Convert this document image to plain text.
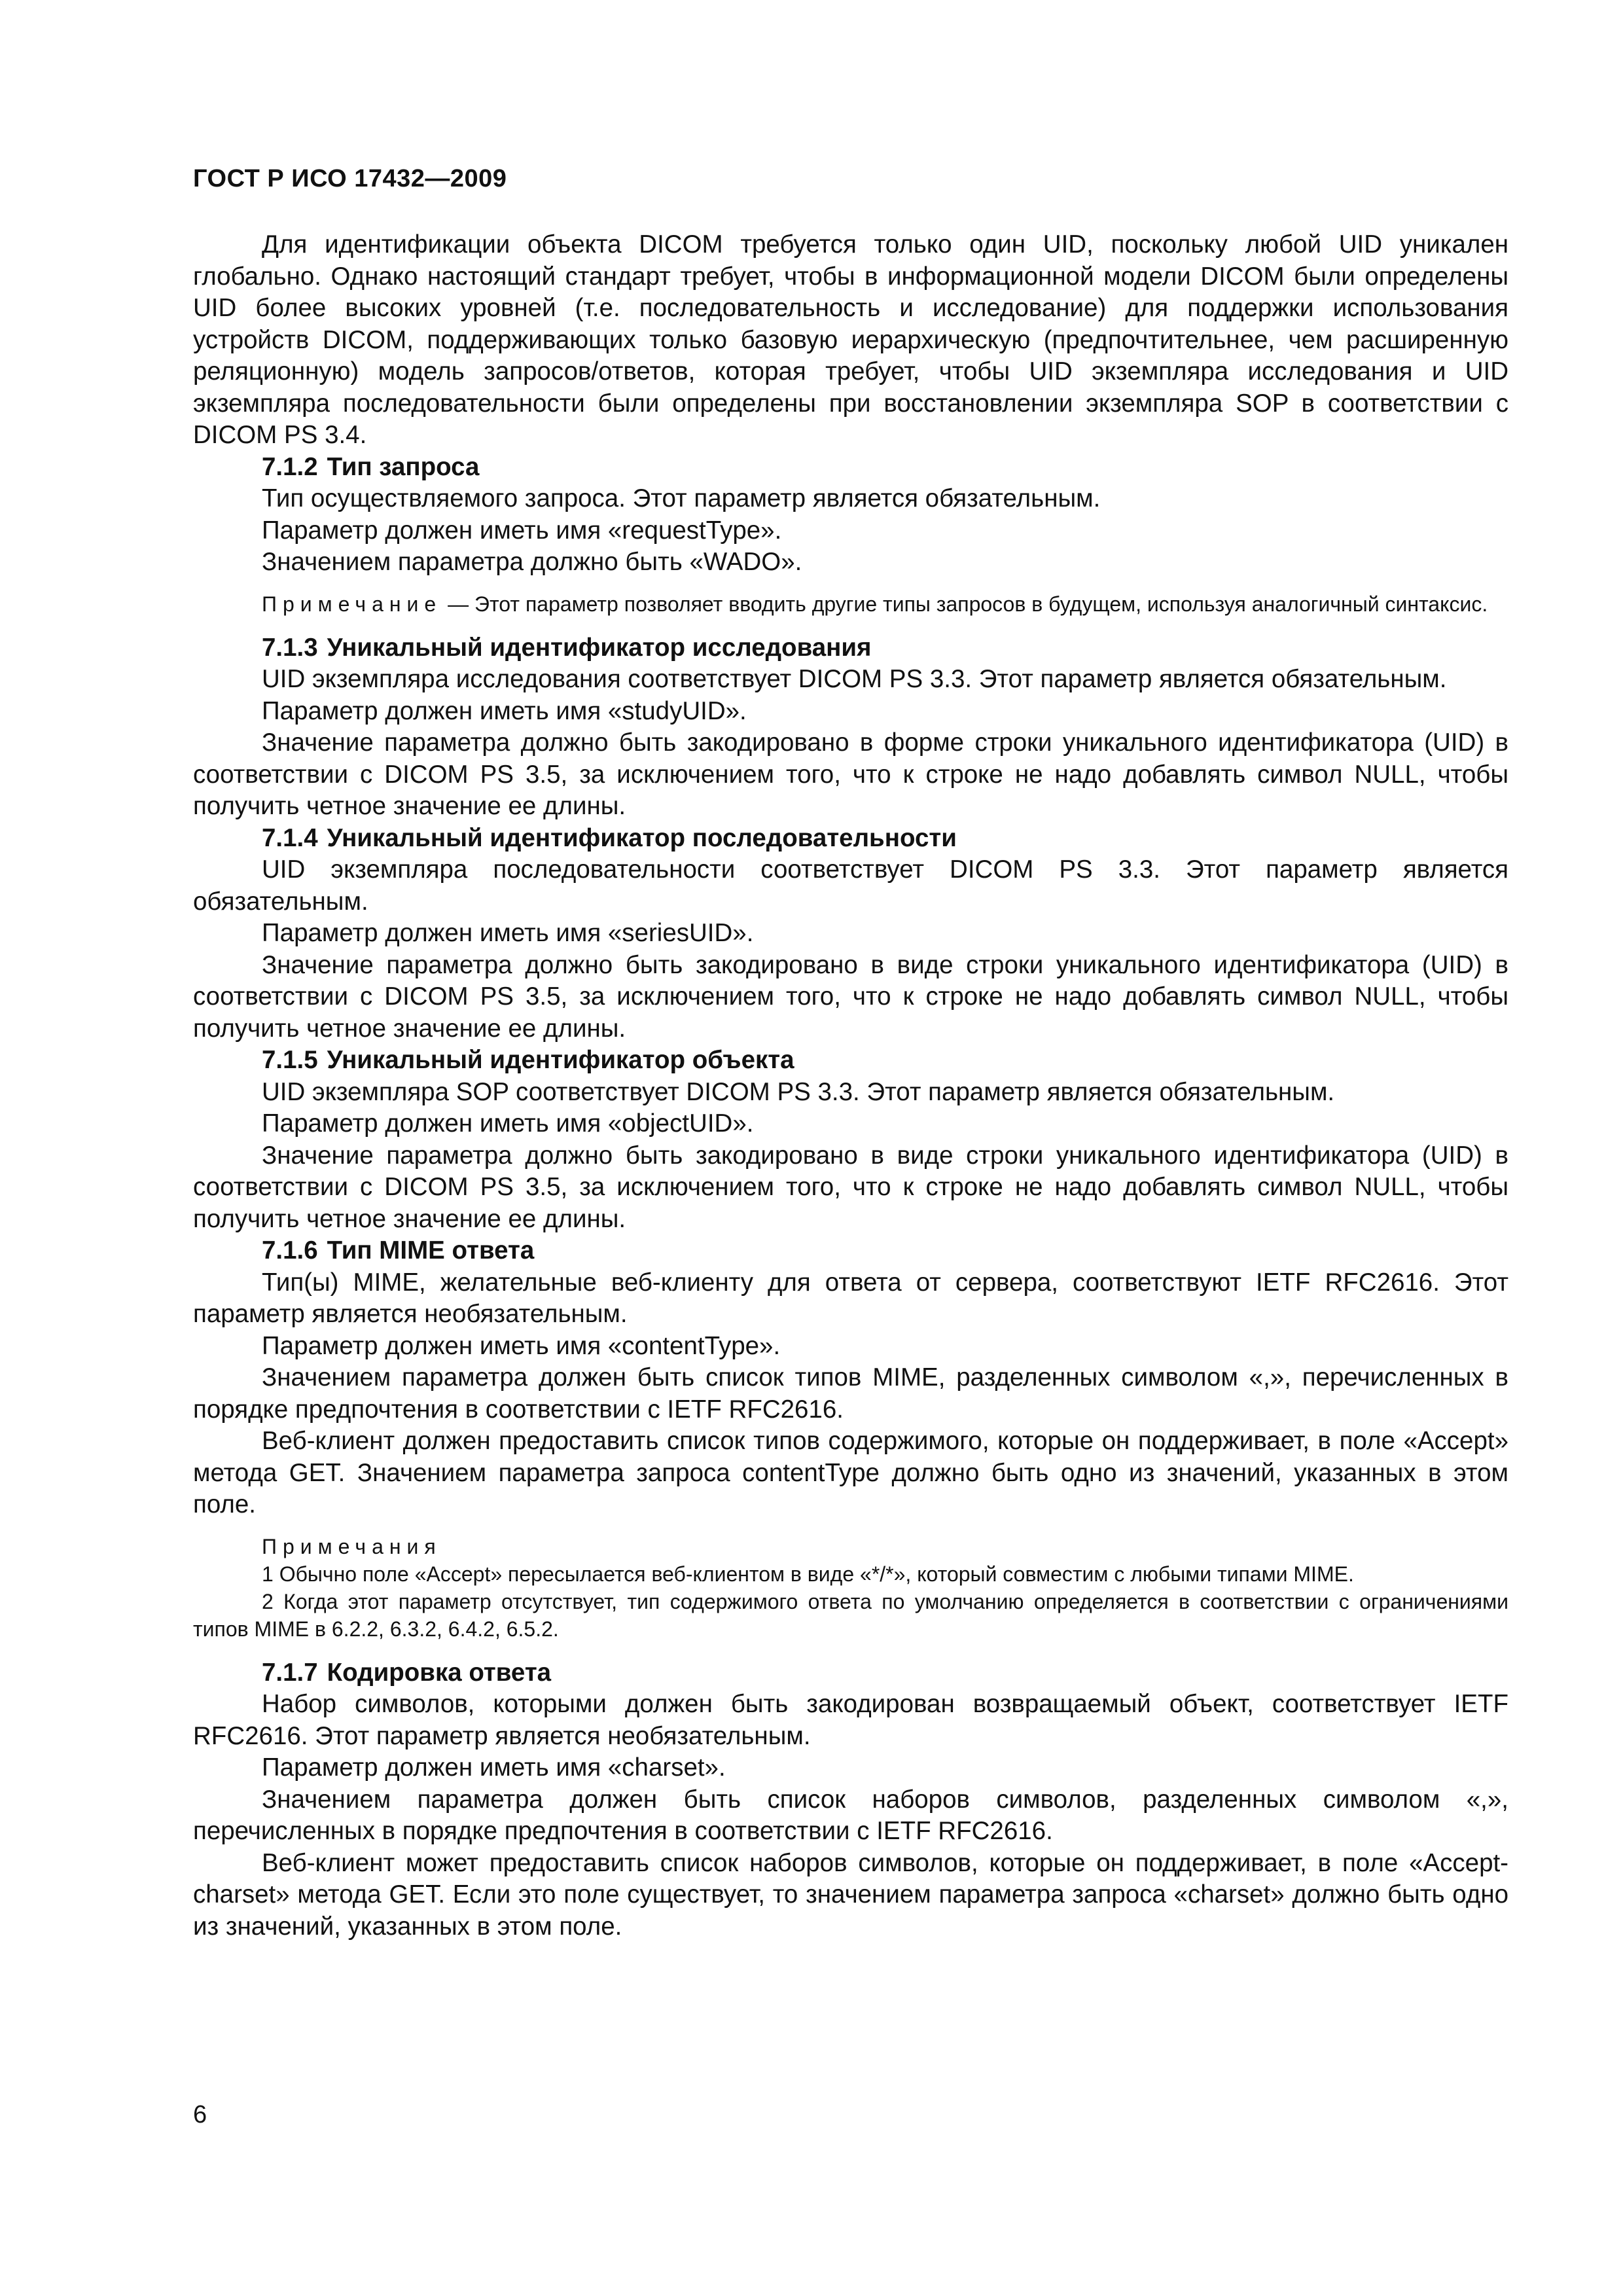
ГОСТ Р ИСО 17432—2009

Для идентификации объекта DICOM требуется только один UID, поскольку любой UID уникален глобально. Однако настоящий стандарт требует, чтобы в информационной модели DICOM были определены UID более высоких уровней (т.е. последовательность и исследование) для поддержки использования устройств DICOM, поддерживающих только базовую иерархическую (предпочтительнее, чем расширенную реляционную) модель запросов/ответов, которая требует, чтобы UID экземпляра исследования и UID экземпляра последовательности были определены при восстановлении экземпляра SOP в соответствии с DICOM PS 3.4.

7.1.2 Тип запроса

Тип осуществляемого запроса. Этот параметр является обязательным.

Параметр должен иметь имя «requestType».

Значением параметра должно быть «WADO».

Примечание — Этот параметр позволяет вводить другие типы запросов в будущем, используя аналогичный синтаксис.

7.1.3 Уникальный идентификатор исследования

UID экземпляра исследования соответствует DICOM PS 3.3. Этот параметр является обязательным.

Параметр должен иметь имя «studyUID».

Значение параметра должно быть закодировано в форме строки уникального идентификатора (UID) в соответствии с DICOM PS 3.5, за исключением того, что к строке не надо добавлять символ NULL, чтобы получить четное значение ее длины.

7.1.4 Уникальный идентификатор последовательности

UID экземпляра последовательности соответствует DICOM PS 3.3. Этот параметр является обязательным.

Параметр должен иметь имя «seriesUID».

Значение параметра должно быть закодировано в виде строки уникального идентификатора (UID) в соответствии с DICOM PS 3.5, за исключением того, что к строке не надо добавлять символ NULL, чтобы получить четное значение ее длины.

7.1.5 Уникальный идентификатор объекта

UID экземпляра SOP соответствует DICOM PS 3.3. Этот параметр является обязательным.

Параметр должен иметь имя «objectUID».

Значение параметра должно быть закодировано в виде строки уникального идентификатора (UID) в соответствии с DICOM PS 3.5, за исключением того, что к строке не надо добавлять символ NULL, чтобы получить четное значение ее длины.

7.1.6 Тип MIME ответа

Тип(ы) MIME, желательные веб-клиенту для ответа от сервера, соответствуют IETF RFC2616. Этот параметр является необязательным.

Параметр должен иметь имя «contentType».

Значением параметра должен быть список типов MIME, разделенных символом «,», перечисленных в порядке предпочтения в соответствии с IETF RFC2616.

Веб-клиент должен предоставить список типов содержимого, которые он поддерживает, в поле «Accept» метода GET. Значением параметра запроса contentType должно быть одно из значений, указанных в этом поле.

Примечания

1 Обычно поле «Accept» пересылается веб-клиентом в виде «*/*», который совместим с любыми типами MIME.

2 Когда этот параметр отсутствует, тип содержимого ответа по умолчанию определяется в соответствии с ограничениями типов MIME в 6.2.2, 6.3.2, 6.4.2, 6.5.2.

7.1.7 Кодировка ответа

Набор символов, которыми должен быть закодирован возвращаемый объект, соответствует IETF RFC2616. Этот параметр является необязательным.

Параметр должен иметь имя «charset».

Значением параметра должен быть список наборов символов, разделенных символом «,», перечисленных в порядке предпочтения в соответствии с IETF RFC2616.

Веб-клиент может предоставить список наборов символов, которые он поддерживает, в поле «Accept-charset» метода GET. Если это поле существует, то значением параметра запроса «charset» должно быть одно из значений, указанных в этом поле.

6
